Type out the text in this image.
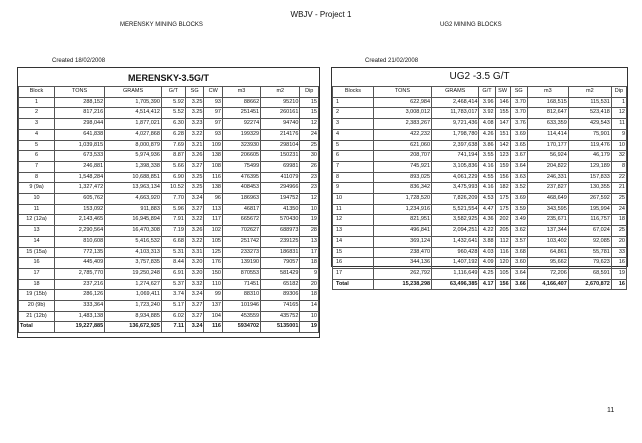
WBJV - Project 1
MERENSKY MINING BLOCKS	UG2 MINING BLOCKS
Created 18/02/2008	Created 21/02/2008
MERENSKY-3.5G/T
Block	TONS	GRAMS	G/T	SG	CW	m3	m2	Dip
1	288,152	1,705,390	5.92	3.25	93	88662	95210	15
2	817,216	4,514,412	5.52	3.25	97	251451	260161	15
3	298,044	1,877,021	6.30	3.23	97	92274	94740	12
4	641,838	4,027,868	6.28	3.22	93	199329	214176	24
5	1,039,815	8,000,879	7.69	3.21	109	323930	298104	25
6	673,533	5,974,936	8.87	3.26	138	206605	150231	30
7	246,881	1,398,338	5.66	3.27	108	75499	69981	26
8	1,548,284	10,688,851	6.90	3.25	116	476395	411079	23
9 (9a)	1,327,472	13,963,134	10.52	3.25	138	408453	294966	23
10	605,762	4,663,920	7.70	3.24	96	186963	194752	12
11	153,092	911,883	5.96	3.27	113	46817	41350	10
12 (12a)	2,143,465	16,945,894	7.91	3.22	117	665672	570430	19
13	2,290,564	16,470,308	7.19	3.26	102	702627	688973	28
14	810,608	5,416,532	6.68	3.22	105	251742	239125	13
15 (15a)	772,135	4,103,313	5.31	3.31	125	233273	186831	17
16	445,409	3,757,835	8.44	3.20	176	139190	79057	18
17	2,785,770	19,250,248	6.91	3.20	150	870553	581429	9
18	237,216	1,274,627	5.37	3.32	110	71451	65182	20
19 (15b)	286,126	1,069,411	3.74	3.24	99	88310	89306	18
20 (9b)	333,364	1,723,240	5.17	3.27	137	101946	74165	14
21 (12b)	1,483,138	8,934,885	6.02	3.27	104	453559	435752	10
Total	19,227,885	136,672,925	7.11	3.24	116	5934702	5135001	19
UG2 -3.5 G/T
Blocks	TONS	GRAMS	G/T	SW	SG	m3	m2	Dip
1	622,984	2,468,414	3.96	146	3.70	168,515	115,531	1
2	3,008,012	11,783,017	3.92	155	3.70	812,647	523,418	12
3	2,383,267	9,721,436	4.08	147	3.76	633,359	429,543	11
4	422,232	1,798,780	4.26	151	3.69	114,414	75,901	9
5	621,060	2,397,638	3.86	142	3.65	170,177	119,476	10
6	208,707	741,194	3.55	123	3.67	56,924	46,179	32
7	745,921	3,105,836	4.16	159	3.64	204,822	129,189	8
8	893,025	4,061,229	4.55	156	3.63	246,331	157,833	22
9	836,342	3,475,993	4.16	182	3.52	237,827	130,355	21
10	1,728,520	7,826,209	4.53	175	3.69	468,649	267,592	25
11	1,234,916	5,521,554	4.47	175	3.59	343,595	195,994	24
12	821,951	3,582,925	4.36	202	3.49	235,671	116,757	18
13	496,841	2,094,251	4.22	205	3.62	137,344	67,024	25
14	369,124	1,432,641	3.88	112	3.57	103,402	92,085	20
15	238,470	960,428	4.03	116	3.68	64,861	55,781	33
16	344,136	1,407,192	4.09	120	3.60	95,662	79,623	16
17	262,792	1,116,649	4.25	105	3.64	72,206	68,591	19
Total	15,238,298	63,496,385	4.17	156	3.66	4,166,407	2,670,872	16
11
